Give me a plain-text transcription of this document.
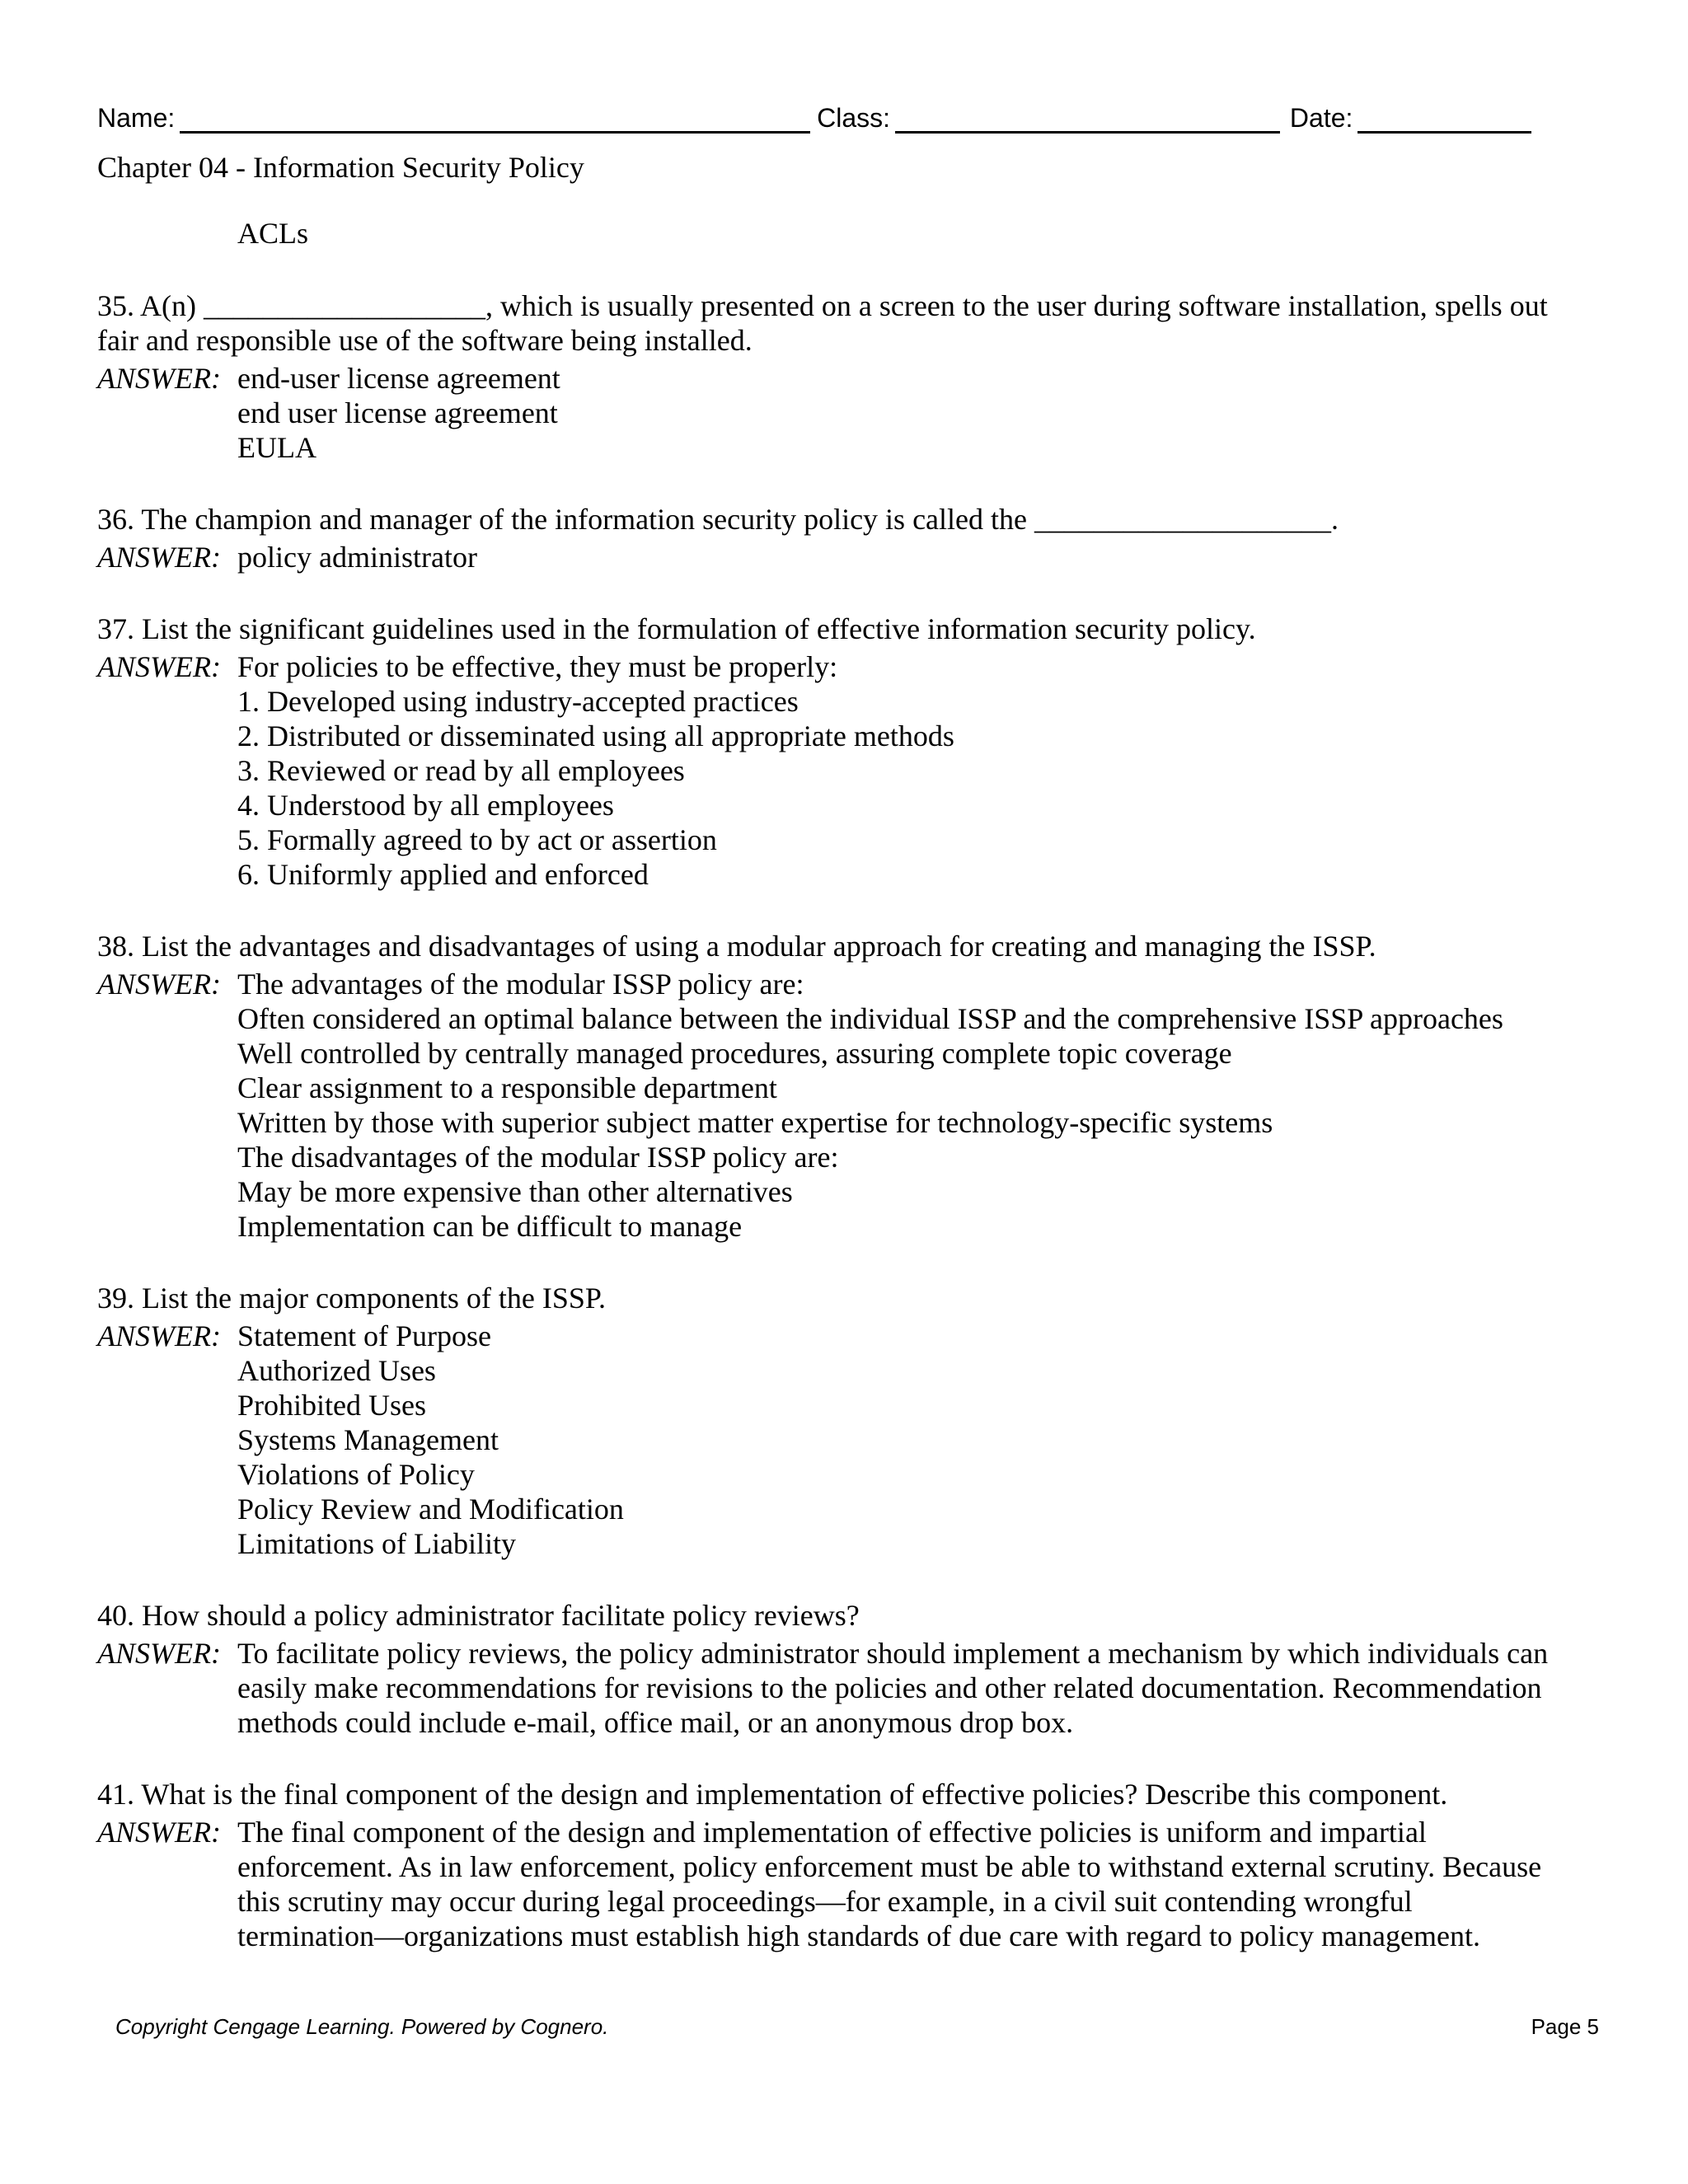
Name:	Class:	Date:
Chapter 04 - Information Security Policy
ACLs
35. A(n) ___________________, which is usually presented on a screen to the user during software installation, spells out fair and responsible use of the software being installed.
ANSWER: end-user license agreement
end user license agreement
EULA
36. The champion and manager of the information security policy is called the ____________________.
ANSWER: policy administrator
37. List the significant guidelines used in the formulation of effective information security policy.
ANSWER: For policies to be effective, they must be properly:
1. Developed using industry-accepted practices
2. Distributed or disseminated using all appropriate methods
3. Reviewed or read by all employees
4. Understood by all employees
5. Formally agreed to by act or assertion
6. Uniformly applied and enforced
38. List the advantages and disadvantages of using a modular approach for creating and managing the ISSP.
ANSWER: The advantages of the modular ISSP policy are:
Often considered an optimal balance between the individual ISSP and the comprehensive ISSP approaches
Well controlled by centrally managed procedures, assuring complete topic coverage
Clear assignment to a responsible department
Written by those with superior subject matter expertise for technology-specific systems
The disadvantages of the modular ISSP policy are:
May be more expensive than other alternatives
Implementation can be difficult to manage
39. List the major components of the ISSP.
ANSWER: Statement of Purpose
Authorized Uses
Prohibited Uses
Systems Management
Violations of Policy
Policy Review and Modification
Limitations of Liability
40. How should a policy administrator facilitate policy reviews?
ANSWER: To facilitate policy reviews, the policy administrator should implement a mechanism by which individuals can
easily make recommendations for revisions to the policies and other related documentation. Recommendation
methods could include e-mail, office mail, or an anonymous drop box.
41. What is the final component of the design and implementation of effective policies? Describe this component.
ANSWER: The final component of the design and implementation of effective policies is uniform and impartial
enforcement. As in law enforcement, policy enforcement must be able to withstand external scrutiny. Because
this scrutiny may occur during legal proceedings—for example, in a civil suit contending wrongful
termination—organizations must establish high standards of due care with regard to policy management.
Copyright Cengage Learning. Powered by Cognero.	Page 5
